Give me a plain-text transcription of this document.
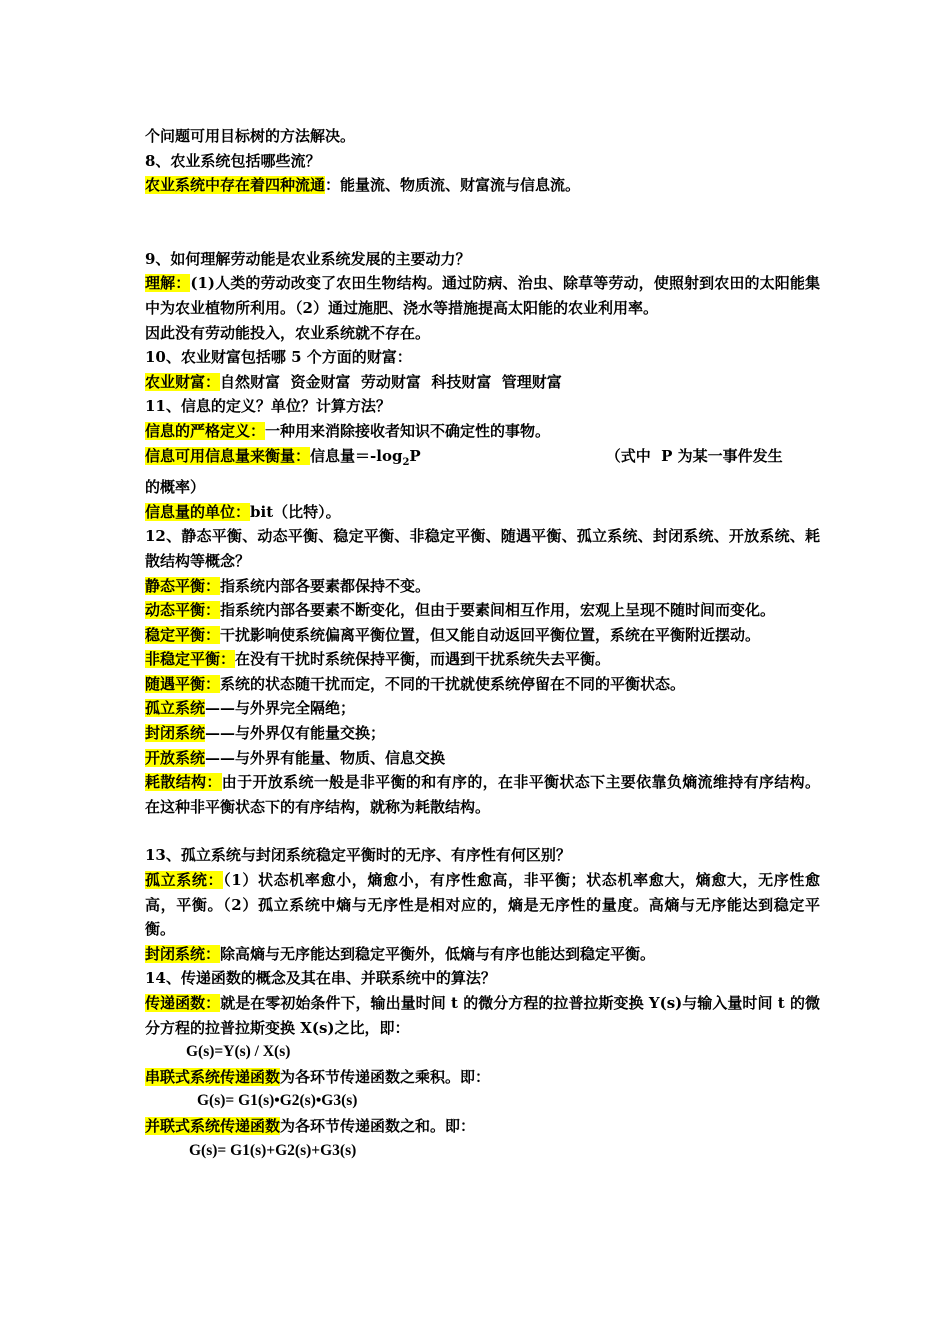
个问题可用目标树的方法解决。

8、农业系统包括哪些流？

农业系统中存在着四种流通：能量流、物质流、财富流与信息流。

9、如何理解劳动能是农业系统发展的主要动力？

理解：(1)人类的劳动改变了农田生物结构。通过防病、治虫、除草等劳动，使照射到农田的太阳能集中为农业植物所利用。（2）通过施肥、浇水等措施提高太阳能的农业利用率。

因此没有劳动能投入，农业系统就不存在。

10、农业财富包括哪 5 个方面的财富：

农业财富：自然财富  资金财富  劳动财富  科技财富  管理财富

11、信息的定义？单位？计算方法？

信息的严格定义：一种用来消除接收者知识不确定性的事物。

信息可用信息量来衡量：信息量$=-\log_2P$	（式中  P 为某一事件发生

的概率）

信息量的单位：bit（比特）。

12、静态平衡、动态平衡、稳定平衡、非稳定平衡、随遇平衡、孤立系统、封闭系统、开放系统、耗散结构等概念？

静态平衡：指系统内部各要素都保持不变。

动态平衡：指系统内部各要素不断变化，但由于要素间相互作用，宏观上呈现不随时间而变化。

稳定平衡：干扰影响使系统偏离平衡位置，但又能自动返回平衡位置，系统在平衡附近摆动。

非稳定平衡：在没有干扰时系统保持平衡，而遇到干扰系统失去平衡。

随遇平衡：系统的状态随干扰而定，不同的干扰就使系统停留在不同的平衡状态。

孤立系统——与外界完全隔绝；

封闭系统——与外界仅有能量交换；

开放系统——与外界有能量、物质、信息交换

耗散结构：由于开放系统一般是非平衡的和有序的，在非平衡状态下主要依靠负熵流维持有序结构。在这种非平衡状态下的有序结构，就称为耗散结构。

13、孤立系统与封闭系统稳定平衡时的无序、有序性有何区别？

孤立系统：（1）状态机率愈小，熵愈小，有序性愈高，非平衡；状态机率愈大，熵愈大，无序性愈高，平衡。（2）孤立系统中熵与无序性是相对应的，熵是无序性的量度。高熵与无序能达到稳定平衡。

封闭系统：除高熵与无序能达到稳定平衡外，低熵与有序也能达到稳定平衡。

14、传递函数的概念及其在串、并联系统中的算法？

传递函数：就是在零初始条件下，输出量时间 t 的微分方程的拉普拉斯变换 Y(s)与输入量时间 t 的微分方程的拉普拉斯变换 X(s)之比，即：

G(s)=Y(s) / X(s)

串联式系统传递函数为各环节传递函数之乘积。即：

G(s)= G1(s)•G2(s)•G3(s)

并联式系统传递函数为各环节传递函数之和。即：

G(s)= G1(s)+G2(s)+G3(s)
